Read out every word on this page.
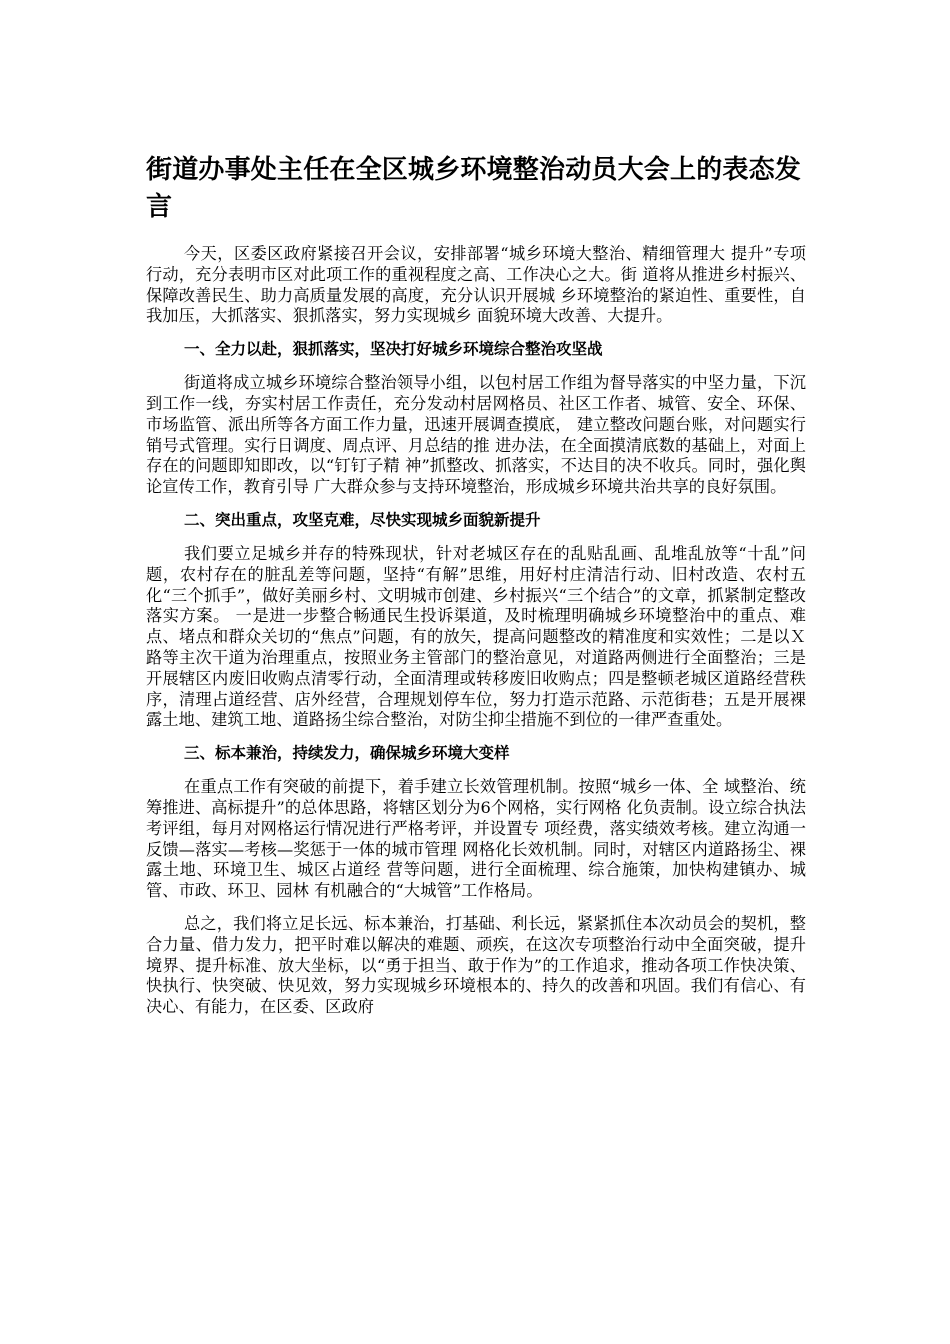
街道办事处主任在全区城乡环境整治动员大会上的表态发言

今天，区委区政府紧接召开会议，安排部署“城乡环境大整治、精细管理大 提升”专项行动，充分表明市区对此项工作的重视程度之高、工作决心之大。街 道将从推进乡村振兴、保障改善民生、助力高质量发展的高度，充分认识开展城 乡环境整治的紧迫性、重要性，自我加压，大抓落实、狠抓落实，努力实现城乡 面貌环境大改善、大提升。

一、全力以赴，狠抓落实，坚决打好城乡环境综合整治攻坚战

街道将成立城乡环境综合整治领导小组，以包村居工作组为督导落实的中坚力量，下沉到工作一线，夯实村居工作责任，充分发动村居网格员、社区工作者、城管、安全、环保、市场监管、派出所等各方面工作力量，迅速开展调查摸底， 建立整改问题台账，对问题实行销号式管理。实行日调度、周点评、月总结的推 进办法，在全面摸清底数的基础上，对面上存在的问题即知即改，以“钉钉子精 神”抓整改、抓落实，不达目的决不收兵。同时，强化舆论宣传工作，教育引导 广大群众参与支持环境整治，形成城乡环境共治共享的良好氛围。

二、突出重点，攻坚克难，尽快实现城乡面貌新提升

我们要立足城乡并存的特殊现状，针对老城区存在的乱贴乱画、乱堆乱放等“十乱”问题，农村存在的脏乱差等问题，坚持“有解”思维，用好村庄清洁行动、旧村改造、农村五化“三个抓手”，做好美丽乡村、文明城市创建、乡村振兴“三个结合”的文章，抓紧制定整改落实方案。 一是进一步整合畅通民生投诉渠道，及时梳理明确城乡环境整治中的重点、难点、堵点和群众关切的“焦点”问题，有的放矢，提高问题整改的精准度和实效性；二是以Ｘ路等主次干道为治理重点，按照业务主管部门的整治意见，对道路两侧进行全面整治；三是开展辖区内废旧收购点清零行动，全面清理或转移废旧收购点；四是整顿老城区道路经营秩序，清理占道经营、店外经营，合理规划停车位，努力打造示范路、示范街巷；五是开展裸露土地、建筑工地、道路扬尘综合整治，对防尘抑尘措施不到位的一律严查重处。

三、标本兼治，持续发力，确保城乡环境大变样

在重点工作有突破的前提下，着手建立长效管理机制。按照“城乡一体、全 域整治、统筹推进、高标提升”的总体思路，将辖区划分为6个网格，实行网格 化负责制。设立综合执法考评组，每月对网格运行情况进行严格考评，并设置专 项经费，落实绩效考核。建立沟通一反馈—落实—考核—奖惩于一体的城市管理 网格化长效机制。同时，对辖区内道路扬尘、裸露土地、环境卫生、城区占道经 营等问题，进行全面梳理、综合施策，加快构建镇办、城管、市政、环卫、园林 有机融合的“大城管”工作格局。

总之，我们将立足长远、标本兼治，打基础、利长远，紧紧抓住本次动员会的契机，整合力量、借力发力，把平时难以解决的难题、顽疾，在这次专项整治行动中全面突破，提升境界、提升标准、放大坐标，以“勇于担当、敢于作为”的工作追求，推动各项工作快决策、快执行、快突破、快见效，努力实现城乡环境根本的、持久的改善和巩固。我们有信心、有决心、有能力，在区委、区政府
